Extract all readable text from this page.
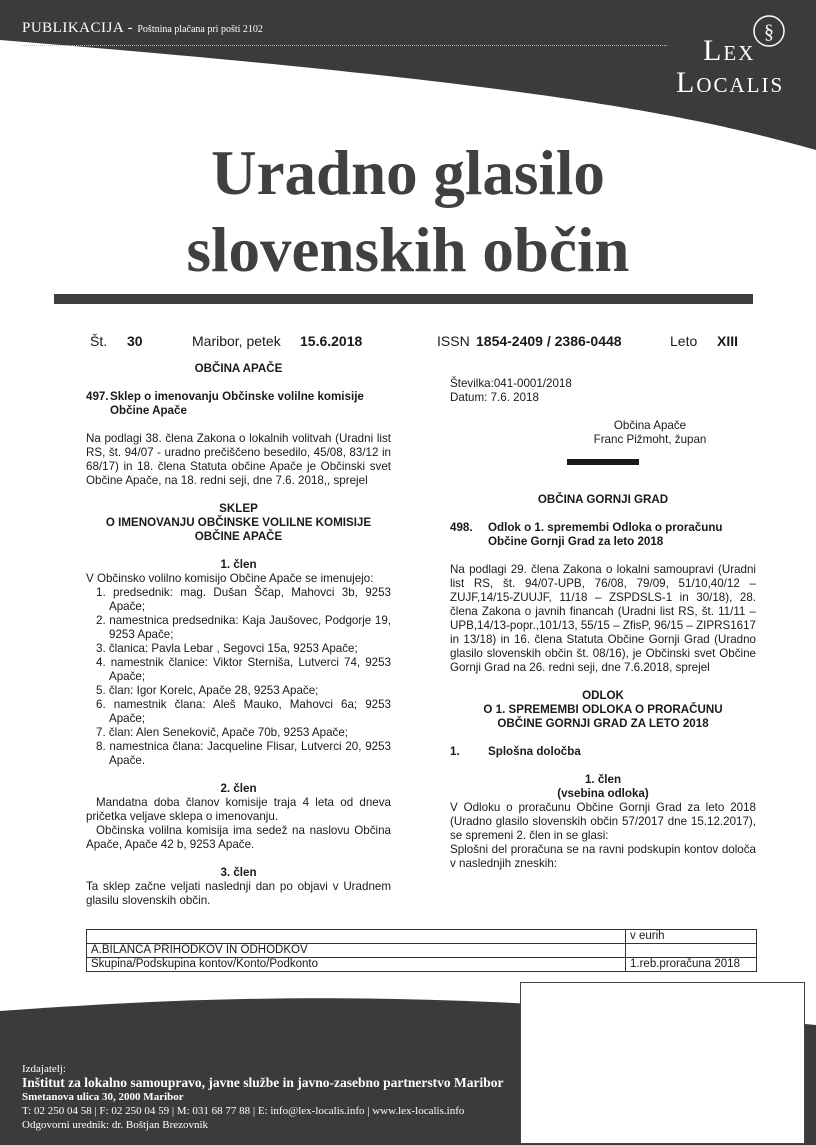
PUBLIKACIJA - Poštnina plačana pri pošti 2102	§
Lex
Localis
Uradno glasilo
slovenskih občin
Št. 30	Maribor, petek 15.6.2018	ISSN 1854-2409 / 2386-0448	Leto XIII
OBČINA APAČE
497. Sklep o imenovanju Občinske volilne komisije Občine Apače
Na podlagi 38. člena Zakona o lokalnih volitvah (Uradni list RS, št. 94/07 - uradno prečiščeno besedilo, 45/08, 83/12 in 68/17) in 18. člena Statuta občine Apače je Občinski svet Občine Apače, na 18. redni seji, dne 7.6. 2018,, sprejel
SKLEP
O IMENOVANJU OBČINSKE VOLILNE KOMISIJE OBČINE APAČE
1. člen
V Občinsko volilno komisijo Občine Apače se imenujejo:
1. predsednik: mag. Dušan Ščap, Mahovci 3b, 9253 Apače;
2. namestnica predsednika: Kaja Jaušovec, Podgorje 19, 9253 Apače;
3. članica: Pavla Lebar , Segovci 15a, 9253 Apače;
4. namestnik članice: Viktor Sterniša, Lutverci 74, 9253 Apače;
5. član: Igor Korelc, Apače 28, 9253 Apače;
6. namestnik člana: Aleš Mauko, Mahovci 6a; 9253 Apače;
7. član: Alen Senekovič, Apače 70b, 9253 Apače;
8. namestnica člana: Jacqueline Flisar, Lutverci 20, 9253 Apače.
2. člen
Mandatna doba članov komisije traja 4 leta od dneva pričetka veljave sklepa o imenovanju.
Občinska volilna komisija ima sedež na naslovu Občina Apače, Apače 42 b, 9253 Apače.
3. člen
Ta sklep začne veljati naslednji dan po objavi v Uradnem glasilu slovenskih občin.
Številka:041-0001/2018
Datum: 7.6. 2018
Občina Apače
Franc Pižmoht, župan
OBČINA GORNJI GRAD
498.	Odlok o 1. spremembi Odloka o proračunu Občine Gornji Grad za leto 2018
Na podlagi 29. člena Zakona o lokalni samoupravi (Uradni list RS, št. 94/07-UPB, 76/08, 79/09, 51/10,40/12 – ZUJF,14/15-ZUUJF, 11/18 – ZSPDSLS-1 in 30/18), 28. člena Zakona o javnih financah (Uradni list RS, št. 11/11 – UPB,14/13-popr.,101/13, 55/15 – ZfisP, 96/15 – ZIPRS1617 in 13/18) in 16. člena Statuta Občine Gornji Grad (Uradno glasilo slovenskih občin št. 08/16), je Občinski svet Občine Gornji Grad na 26. redni seji, dne 7.6.2018, sprejel
ODLOK
O 1. SPREMEMBI ODLOKA O PRORAČUNU OBČINE GORNJI GRAD ZA LETO 2018
1.	Splošna določba
1. člen
(vsebina odloka)
V Odloku o proračunu Občine Gornji Grad za leto 2018 (Uradno glasilo slovenskih občin 57/2017 dne 15.12.2017), se spremeni 2. člen in se glasi:
Splošni del proračuna se na ravni podskupin kontov določa v naslednjih zneskih:
	v eurih
A.BILANCA PRIHODKOV IN ODHODKOV	
Skupina/Podskupina kontov/Konto/Podkonto	1.reb.proračuna 2018
Izdajatelj:
Inštitut za lokalno samoupravo, javne službe in javno-zasebno partnerstvo Maribor
Smetanova ulica 30, 2000 Maribor
T: 02 250 04 58 | F: 02 250 04 59 | M: 031 68 77 88 | E: info@lex-localis.info | www.lex-localis.info
Odgovorni urednik: dr. Boštjan Brezovnik
